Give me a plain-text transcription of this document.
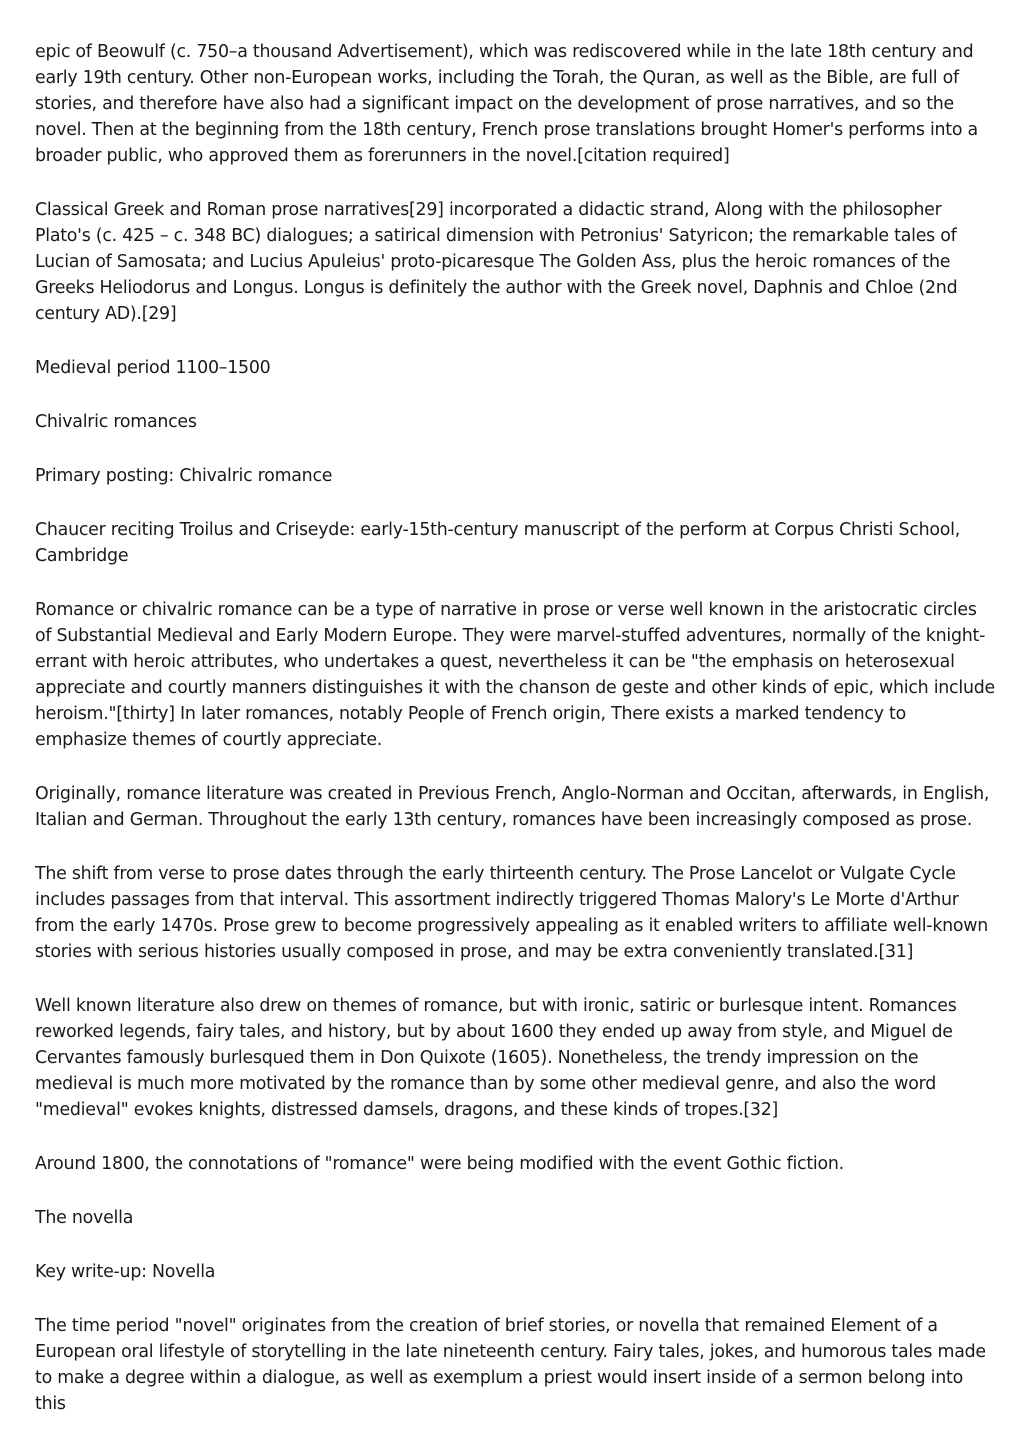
epic of Beowulf (c. 750–a thousand Advertisement), which was rediscovered while in the late 18th century and early 19th century. Other non-European works, including the Torah, the Quran, as well as the Bible, are full of stories, and therefore have also had a significant impact on the development of prose narratives, and so the novel. Then at the beginning from the 18th century, French prose translations brought Homer's performs into a broader public, who approved them as forerunners in the novel.[citation required]

Classical Greek and Roman prose narratives[29] incorporated a didactic strand, Along with the philosopher Plato's (c. 425 – c. 348 BC) dialogues; a satirical dimension with Petronius' Satyricon; the remarkable tales of Lucian of Samosata; and Lucius Apuleius' proto-picaresque The Golden Ass, plus the heroic romances of the Greeks Heliodorus and Longus. Longus is definitely the author with the Greek novel, Daphnis and Chloe (2nd century AD).[29]

Medieval period 1100–1500

Chivalric romances

Primary posting: Chivalric romance

Chaucer reciting Troilus and Criseyde: early-15th-century manuscript of the perform at Corpus Christi School, Cambridge

Romance or chivalric romance can be a type of narrative in prose or verse well known in the aristocratic circles of Substantial Medieval and Early Modern Europe. They were marvel-stuffed adventures, normally of the knight-errant with heroic attributes, who undertakes a quest, nevertheless it can be "the emphasis on heterosexual appreciate and courtly manners distinguishes it with the chanson de geste and other kinds of epic, which include heroism."[thirty] In later romances, notably People of French origin, There exists a marked tendency to emphasize themes of courtly appreciate.

Originally, romance literature was created in Previous French, Anglo-Norman and Occitan, afterwards, in English, Italian and German. Throughout the early 13th century, romances have been increasingly composed as prose.

The shift from verse to prose dates through the early thirteenth century. The Prose Lancelot or Vulgate Cycle includes passages from that interval. This assortment indirectly triggered Thomas Malory's Le Morte d'Arthur from the early 1470s. Prose grew to become progressively appealing as it enabled writers to affiliate well-known stories with serious histories usually composed in prose, and may be extra conveniently translated.[31]

Well known literature also drew on themes of romance, but with ironic, satiric or burlesque intent. Romances reworked legends, fairy tales, and history, but by about 1600 they ended up away from style, and Miguel de Cervantes famously burlesqued them in Don Quixote (1605). Nonetheless, the trendy impression on the medieval is much more motivated by the romance than by some other medieval genre, and also the word "medieval" evokes knights, distressed damsels, dragons, and these kinds of tropes.[32]

Around 1800, the connotations of "romance" were being modified with the event Gothic fiction.

The novella

Key write-up: Novella

The time period "novel" originates from the creation of brief stories, or novella that remained Element of a European oral lifestyle of storytelling in the late nineteenth century. Fairy tales, jokes, and humorous tales made to make a degree within a dialogue, as well as exemplum a priest would insert inside of a sermon belong into this
